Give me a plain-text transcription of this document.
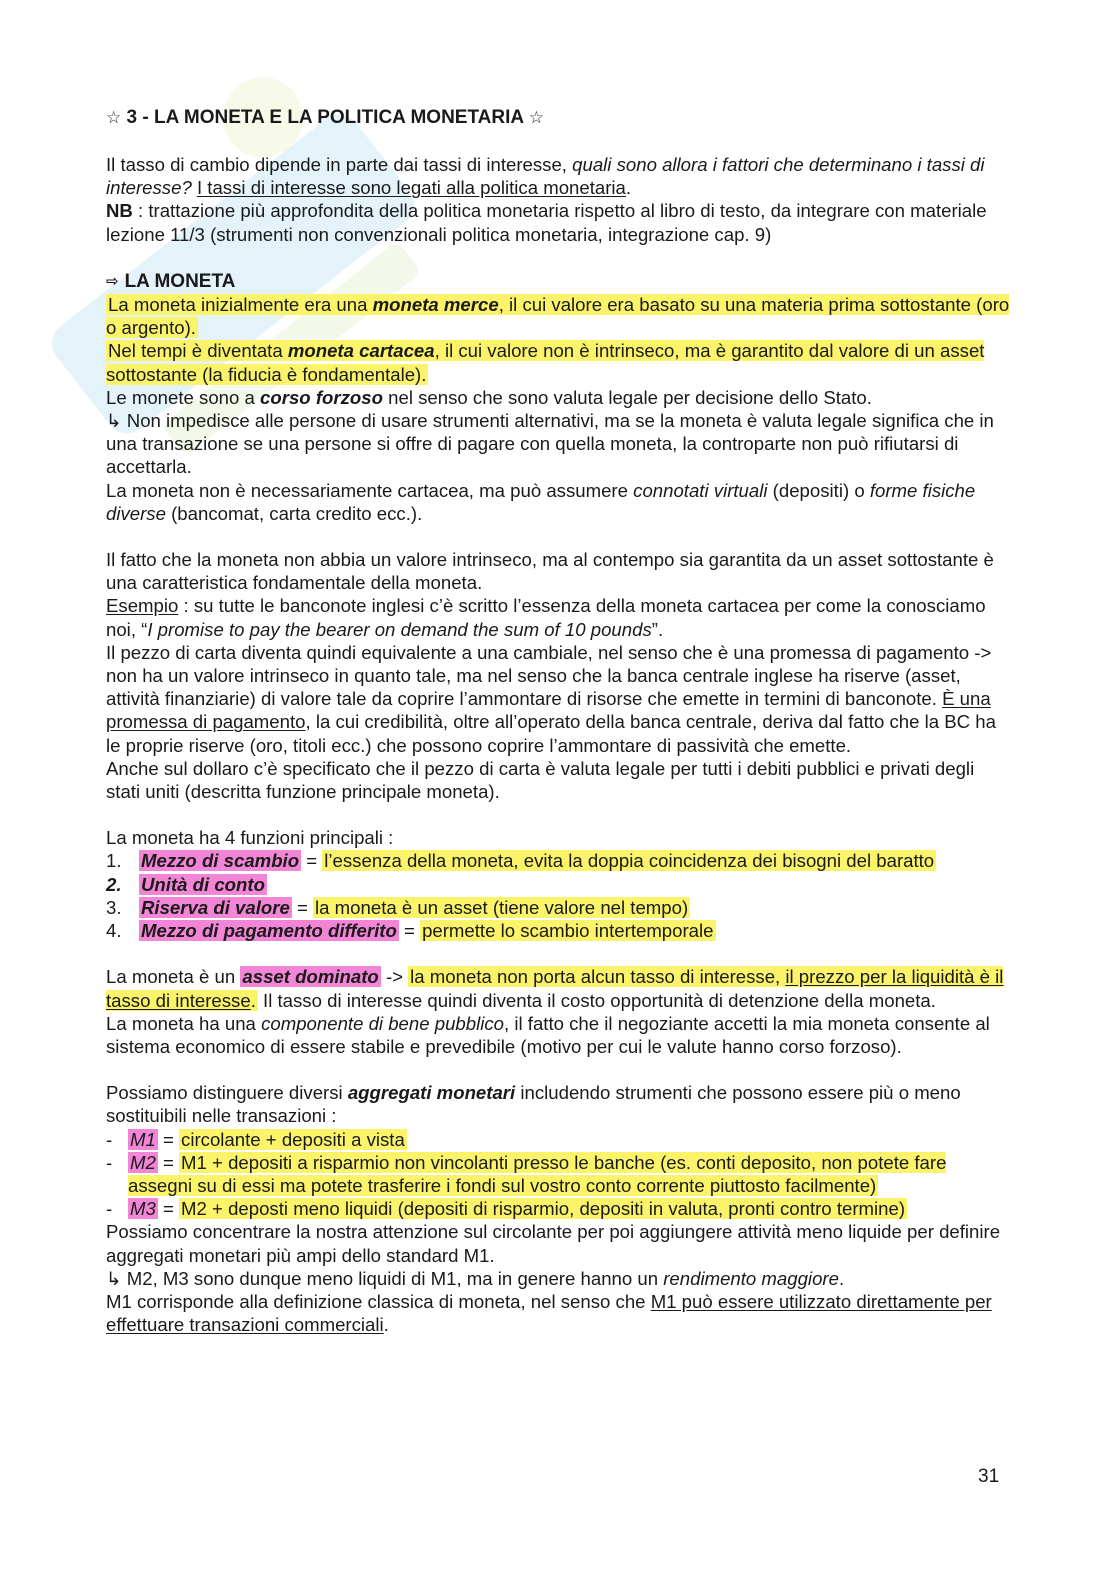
☆ 3 - LA MONETA E LA POLITICA MONETARIA ☆

Il tasso di cambio dipende in parte dai tassi di interesse, quali sono allora i fattori che determinano i tassi di interesse? I tassi di interesse sono legati alla politica monetaria.

NB : trattazione più approfondita della politica monetaria rispetto al libro di testo, da integrare con materiale lezione 11/3 (strumenti non convenzionali politica monetaria, integrazione cap. 9)

⇨ LA MONETA

La moneta inizialmente era una moneta merce, il cui valore era basato su una materia prima sottostante (oro o argento).

Nel tempi è diventata moneta cartacea, il cui valore non è intrinseco, ma è garantito dal valore di un asset sottostante (la fiducia è fondamentale).

Le monete sono a corso forzoso nel senso che sono valuta legale per decisione dello Stato.

↳ Non impedisce alle persone di usare strumenti alternativi, ma se la moneta è valuta legale significa che in una transazione se una persone si offre di pagare con quella moneta, la controparte non può rifiutarsi di accettarla.

La moneta non è necessariamente cartacea, ma può assumere connotati virtuali (depositi) o forme fisiche diverse (bancomat, carta credito ecc.).

Il fatto che la moneta non abbia un valore intrinseco, ma al contempo sia garantita da un asset sottostante è una caratteristica fondamentale della moneta.

Esempio : su tutte le banconote inglesi c’è scritto l’essenza della moneta cartacea per come la conosciamo noi, “I promise to pay the bearer on demand the sum of 10 pounds”.

Il pezzo di carta diventa quindi equivalente a una cambiale, nel senso che è una promessa di pagamento -> non ha un valore intrinseco in quanto tale, ma nel senso che la banca centrale inglese ha riserve (asset, attività finanziarie) di valore tale da coprire l’ammontare di risorse che emette in termini di banconote. È una promessa di pagamento, la cui credibilità, oltre all’operato della banca centrale, deriva dal fatto che la BC ha le proprie riserve (oro, titoli ecc.) che possono coprire l’ammontare di passività che emette.

Anche sul dollaro c’è specificato che il pezzo di carta è valuta legale per tutti i debiti pubblici e privati degli stati uniti (descritta funzione principale moneta).

La moneta ha 4 funzioni principali :

1.	Mezzo di scambio = l’essenza della moneta, evita la doppia coincidenza dei bisogni del baratto
2.	Unità di conto
3.	Riserva di valore = la moneta è un asset (tiene valore nel tempo)
4.	Mezzo di pagamento differito = permette lo scambio intertemporale

La moneta è un asset dominato -> la moneta non porta alcun tasso di interesse, il prezzo per la liquidità è il tasso di interesse. Il tasso di interesse quindi diventa il costo opportunità di detenzione della moneta.

La moneta ha una componente di bene pubblico, il fatto che il negoziante accetti la mia moneta consente al sistema economico di essere stabile e prevedibile (motivo per cui le valute hanno corso forzoso).

Possiamo distinguere diversi aggregati monetari includendo strumenti che possono essere più o meno sostituibili nelle transazioni :

- M1 = circolante + depositi a vista
- M2 = M1 + depositi a risparmio non vincolanti presso le banche (es. conti deposito, non potete fare assegni su di essi ma potete trasferire i fondi sul vostro conto corrente piuttosto facilmente)
- M3 = M2 + deposti meno liquidi (depositi di risparmio, depositi in valuta, pronti contro termine)

Possiamo concentrare la nostra attenzione sul circolante per poi aggiungere attività meno liquide per definire aggregati monetari più ampi dello standard M1.

↳ M2, M3 sono dunque meno liquidi di M1, ma in genere hanno un rendimento maggiore.

M1 corrisponde alla definizione classica di moneta, nel senso che M1 può essere utilizzato direttamente per effettuare transazioni commerciali.

31
